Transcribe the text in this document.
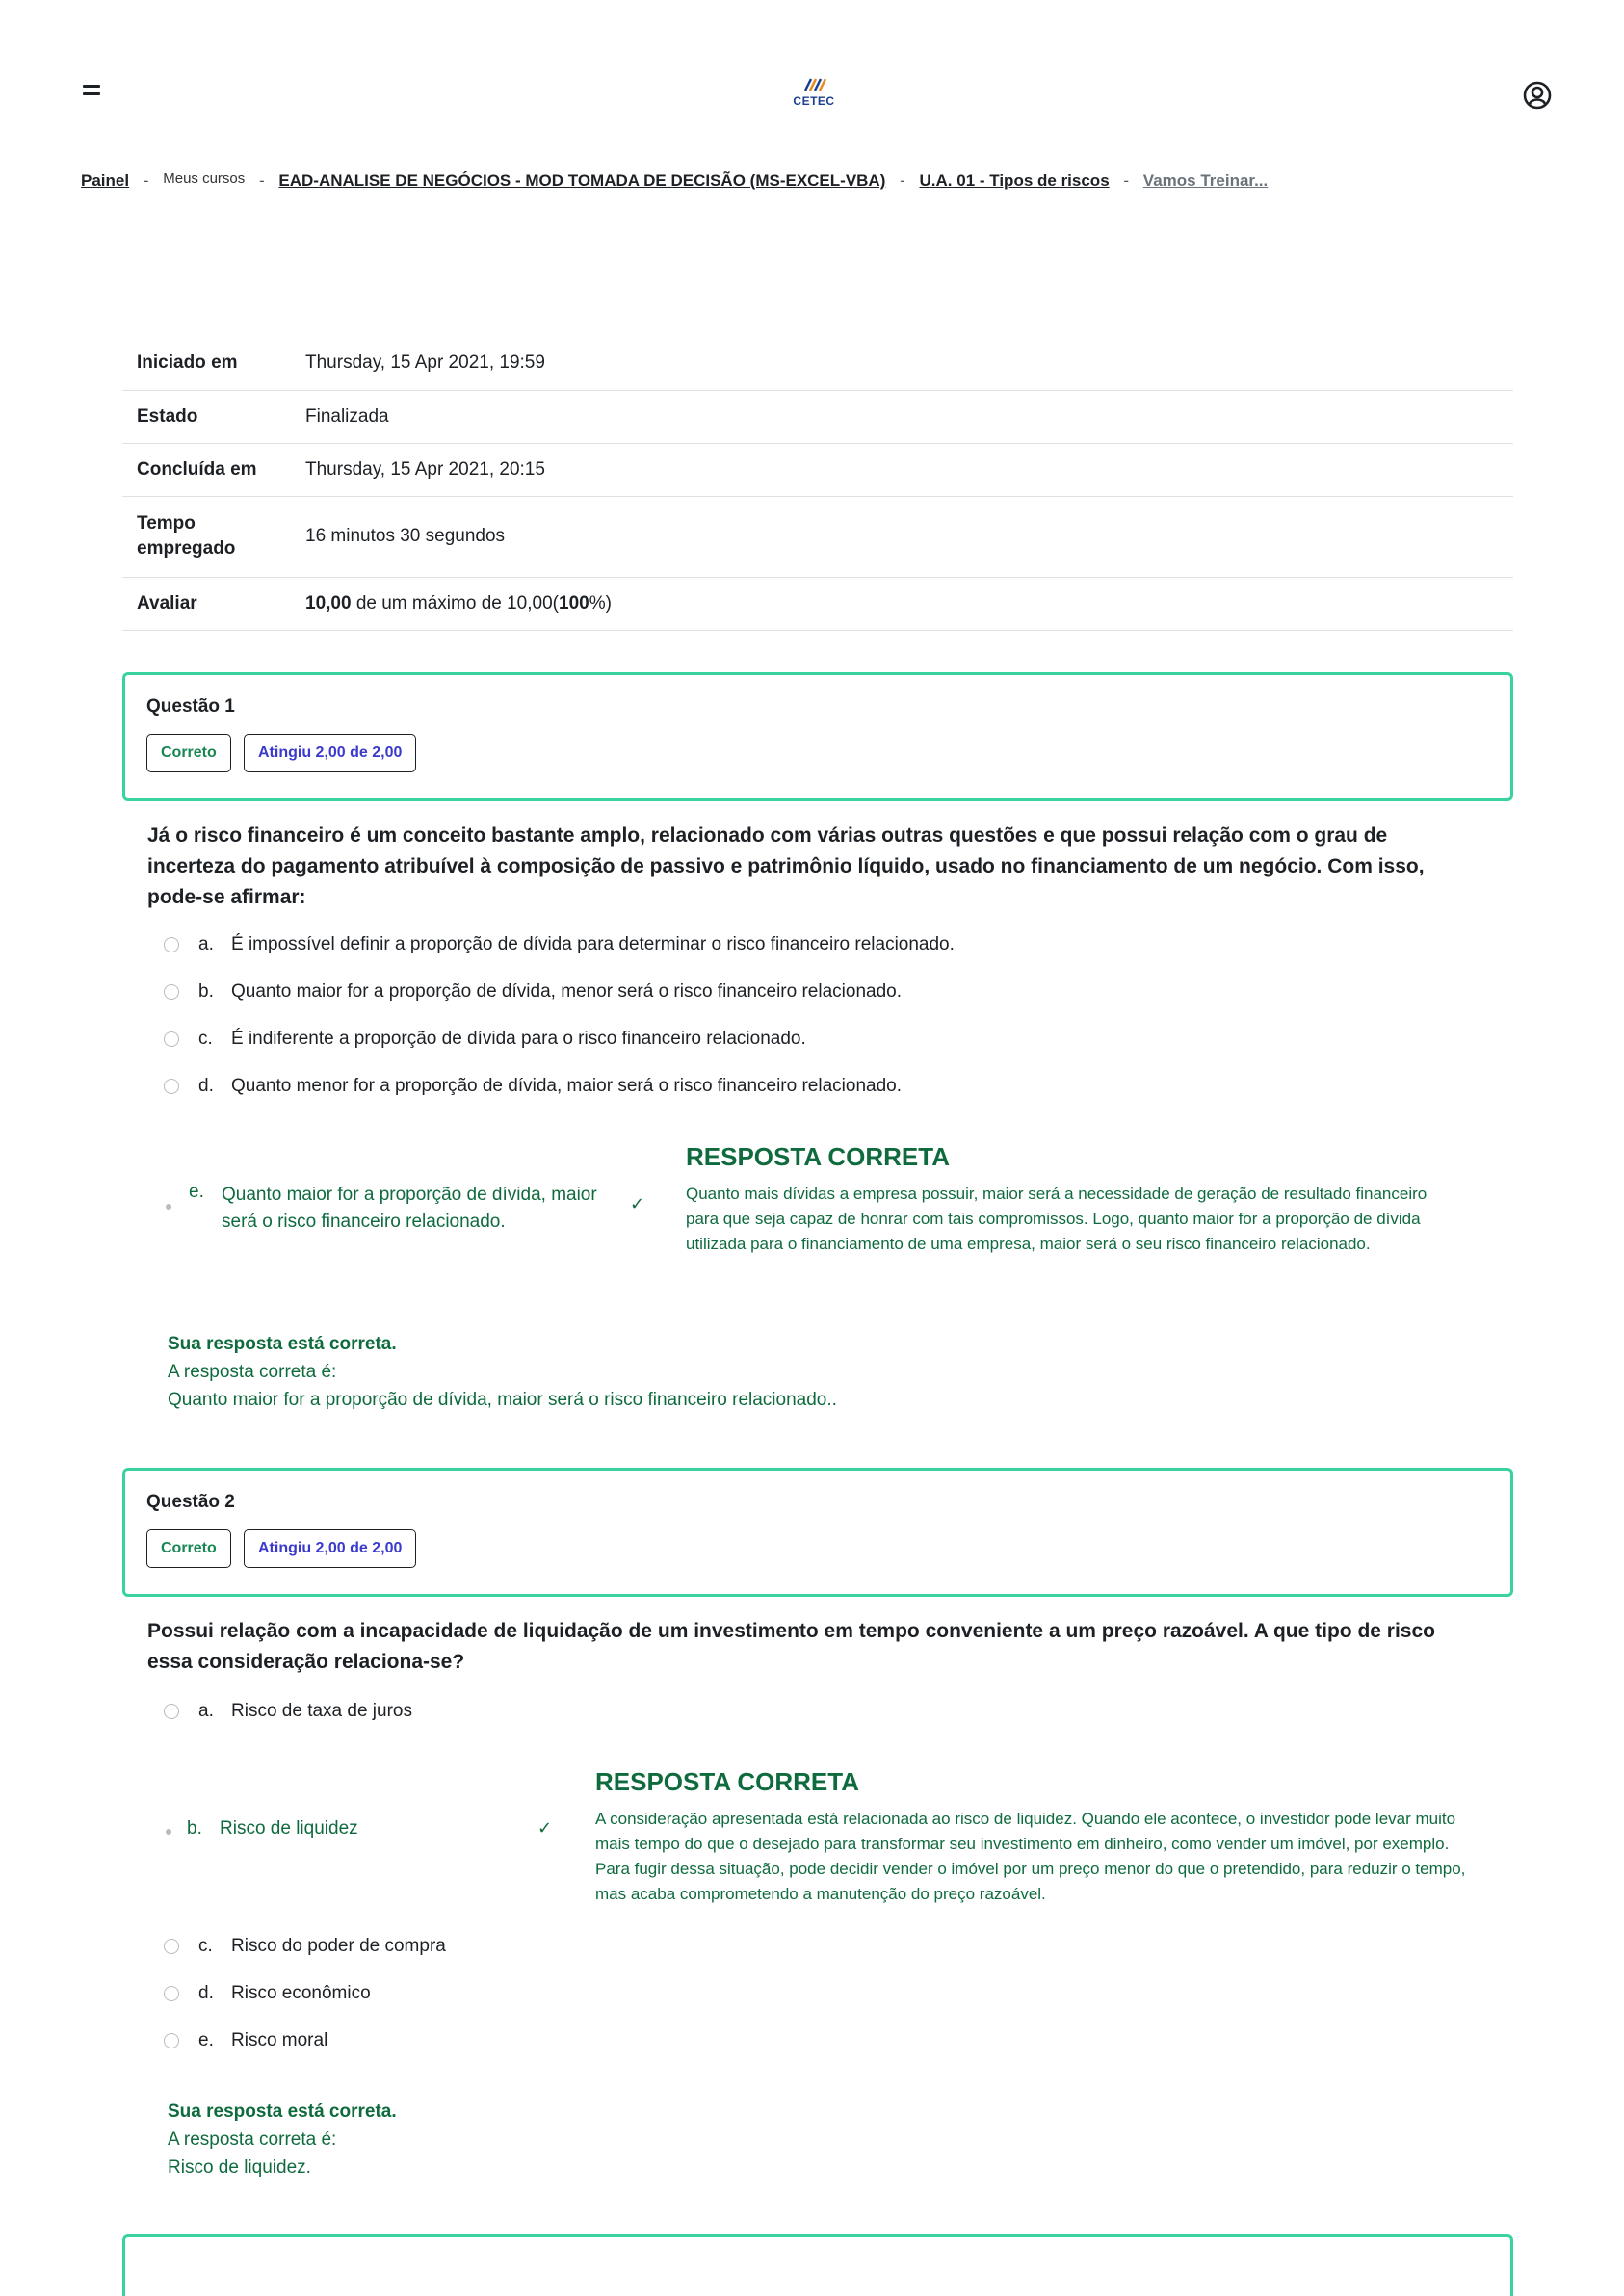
CETEC
Painel - Meus cursos - EAD-ANALISE DE NEGÓCIOS - MOD TOMADA DE DECISÃO (MS-EXCEL-VBA) - U.A. 01 - Tipos de riscos - Vamos Treinar...
Iniciado em	Thursday, 15 Apr 2021, 19:59
Estado	Finalizada
Concluída em	Thursday, 15 Apr 2021, 20:15
Tempo
empregado	16 minutos 30 segundos
Avaliar	10,00 de um máximo de 10,00(100%)
Questão 1
Correto	Atingiu 2,00 de 2,00
Já o risco financeiro é um conceito bastante amplo, relacionado com várias outras questões e que possui relação com o grau de incerteza do pagamento atribuível à composição de passivo e patrimônio líquido, usado no financiamento de um negócio. Com isso, pode-se afirmar:
a. É impossível definir a proporção de dívida para determinar o risco financeiro relacionado.
b. Quanto maior for a proporção de dívida, menor será o risco financeiro relacionado.
c.	É indiferente a proporção de dívida para o risco financeiro relacionado.
d. Quanto menor for a proporção de dívida, maior será o risco financeiro relacionado.
e. Quanto maior for a proporção de dívida, maior
será o risco financeiro relacionado.
✓
RESPOSTA CORRETA
Quanto mais dívidas a empresa possuir, maior será a necessidade de geração de resultado financeiro para que seja capaz de honrar com tais compromissos. Logo, quanto maior for a proporção de dívida utilizada para o financiamento de uma empresa, maior será o seu risco financeiro relacionado.
Sua resposta está correta.
A resposta correta é:
Quanto maior for a proporção de dívida, maior será o risco financeiro relacionado..
Questão 2
Correto	Atingiu 2,00 de 2,00
Possui relação com a incapacidade de liquidação de um investimento em tempo conveniente a um preço razoável. A que tipo de risco essa consideração relaciona-se?
a. Risco de taxa de juros
b. Risco de liquidez	✓
RESPOSTA CORRETA
A consideração apresentada está relacionada ao risco de liquidez. Quando ele acontece, o investidor pode levar muito mais tempo do que o desejado para transformar seu investimento em dinheiro, como vender um imóvel, por exemplo. Para fugir dessa situação, pode decidir vender o imóvel por um preço menor do que o pretendido, para reduzir o tempo, mas acaba comprometendo a manutenção do preço razoável.
c.	Risco do poder de compra
d. Risco econômico
e. Risco moral
Sua resposta está correta.
A resposta correta é:
Risco de liquidez.
